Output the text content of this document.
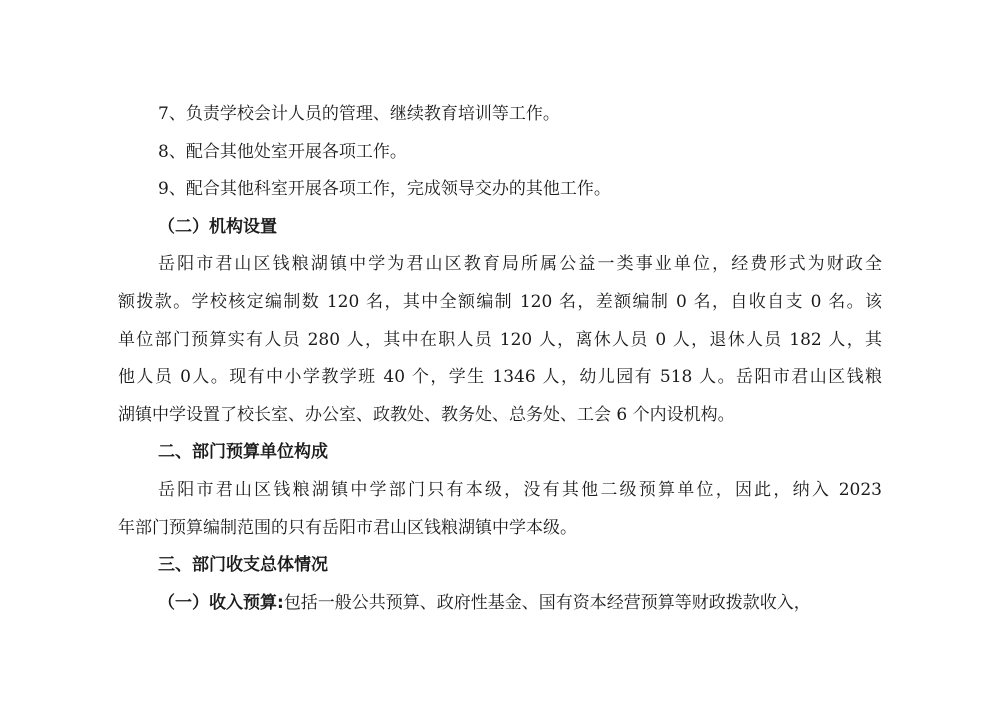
7、负责学校会计人员的管理、继续教育培训等工作。
8、配合其他处室开展各项工作。
9、配合其他科室开展各项工作，完成领导交办的其他工作。
（二）机构设置
岳阳市君山区钱粮湖镇中学为君山区教育局所属公益一类事业单位，经费形式为财政全
额拨款。学校核定编制数 120 名，其中全额编制 120 名，差额编制 0 名，自收自支 0 名。该
单位部门预算实有人员 280 人，其中在职人员 120 人，离休人员 0 人，退休人员 182 人，其
他人员 0人。现有中小学教学班 40 个，学生 1346 人，幼儿园有 518 人。岳阳市君山区钱粮
湖镇中学设置了校长室、办公室、政教处、教务处、总务处、工会 6 个内设机构。
二、部门预算单位构成
岳阳市君山区钱粮湖镇中学部门只有本级，没有其他二级预算单位，因此，纳入 2023
年部门预算编制范围的只有岳阳市君山区钱粮湖镇中学本级。
三、部门收支总体情况
（一）收入预算:包括一般公共预算、政府性基金、国有资本经营预算等财政拨款收入，
